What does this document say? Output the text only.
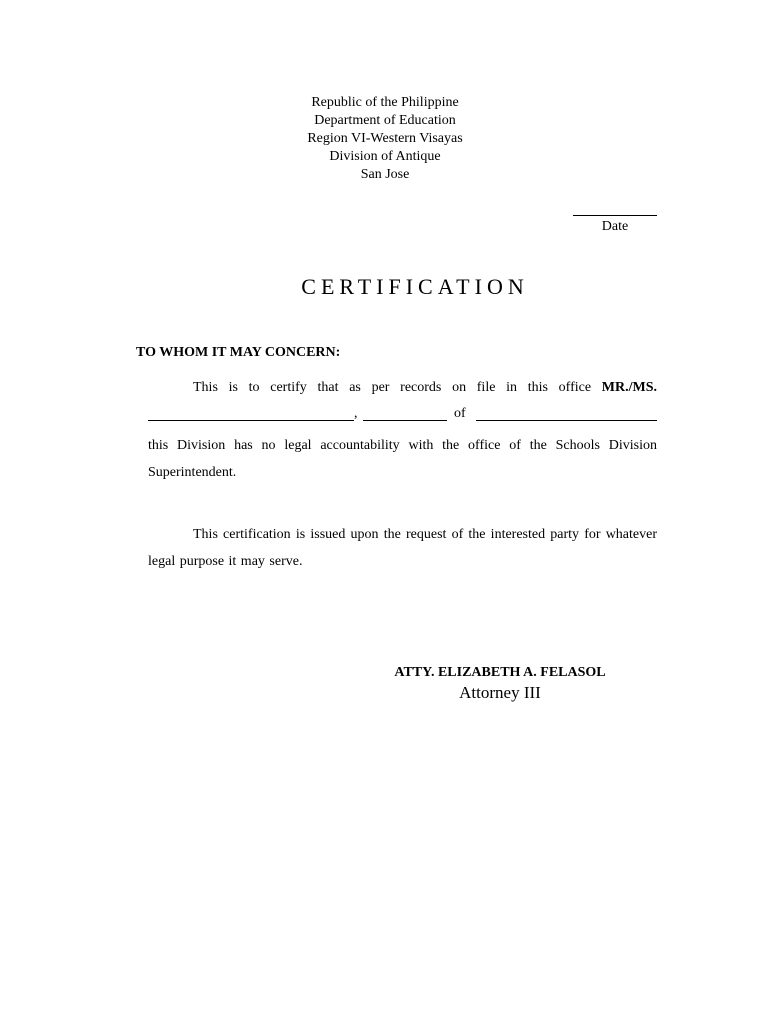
Republic of the Philippine
Department of Education
Region VI-Western Visayas
Division of Antique
San Jose
Date
CERTIFICATION
TO WHOM IT MAY CONCERN:
This is to certify that as per records on file in this office MR./MS.
,	of
this Division has no legal accountability with the office of the Schools Division Superintendent.
This certification is issued upon the request of the interested party for whatever legal purpose it may serve.
ATTY. ELIZABETH A. FELASOL
Attorney III
